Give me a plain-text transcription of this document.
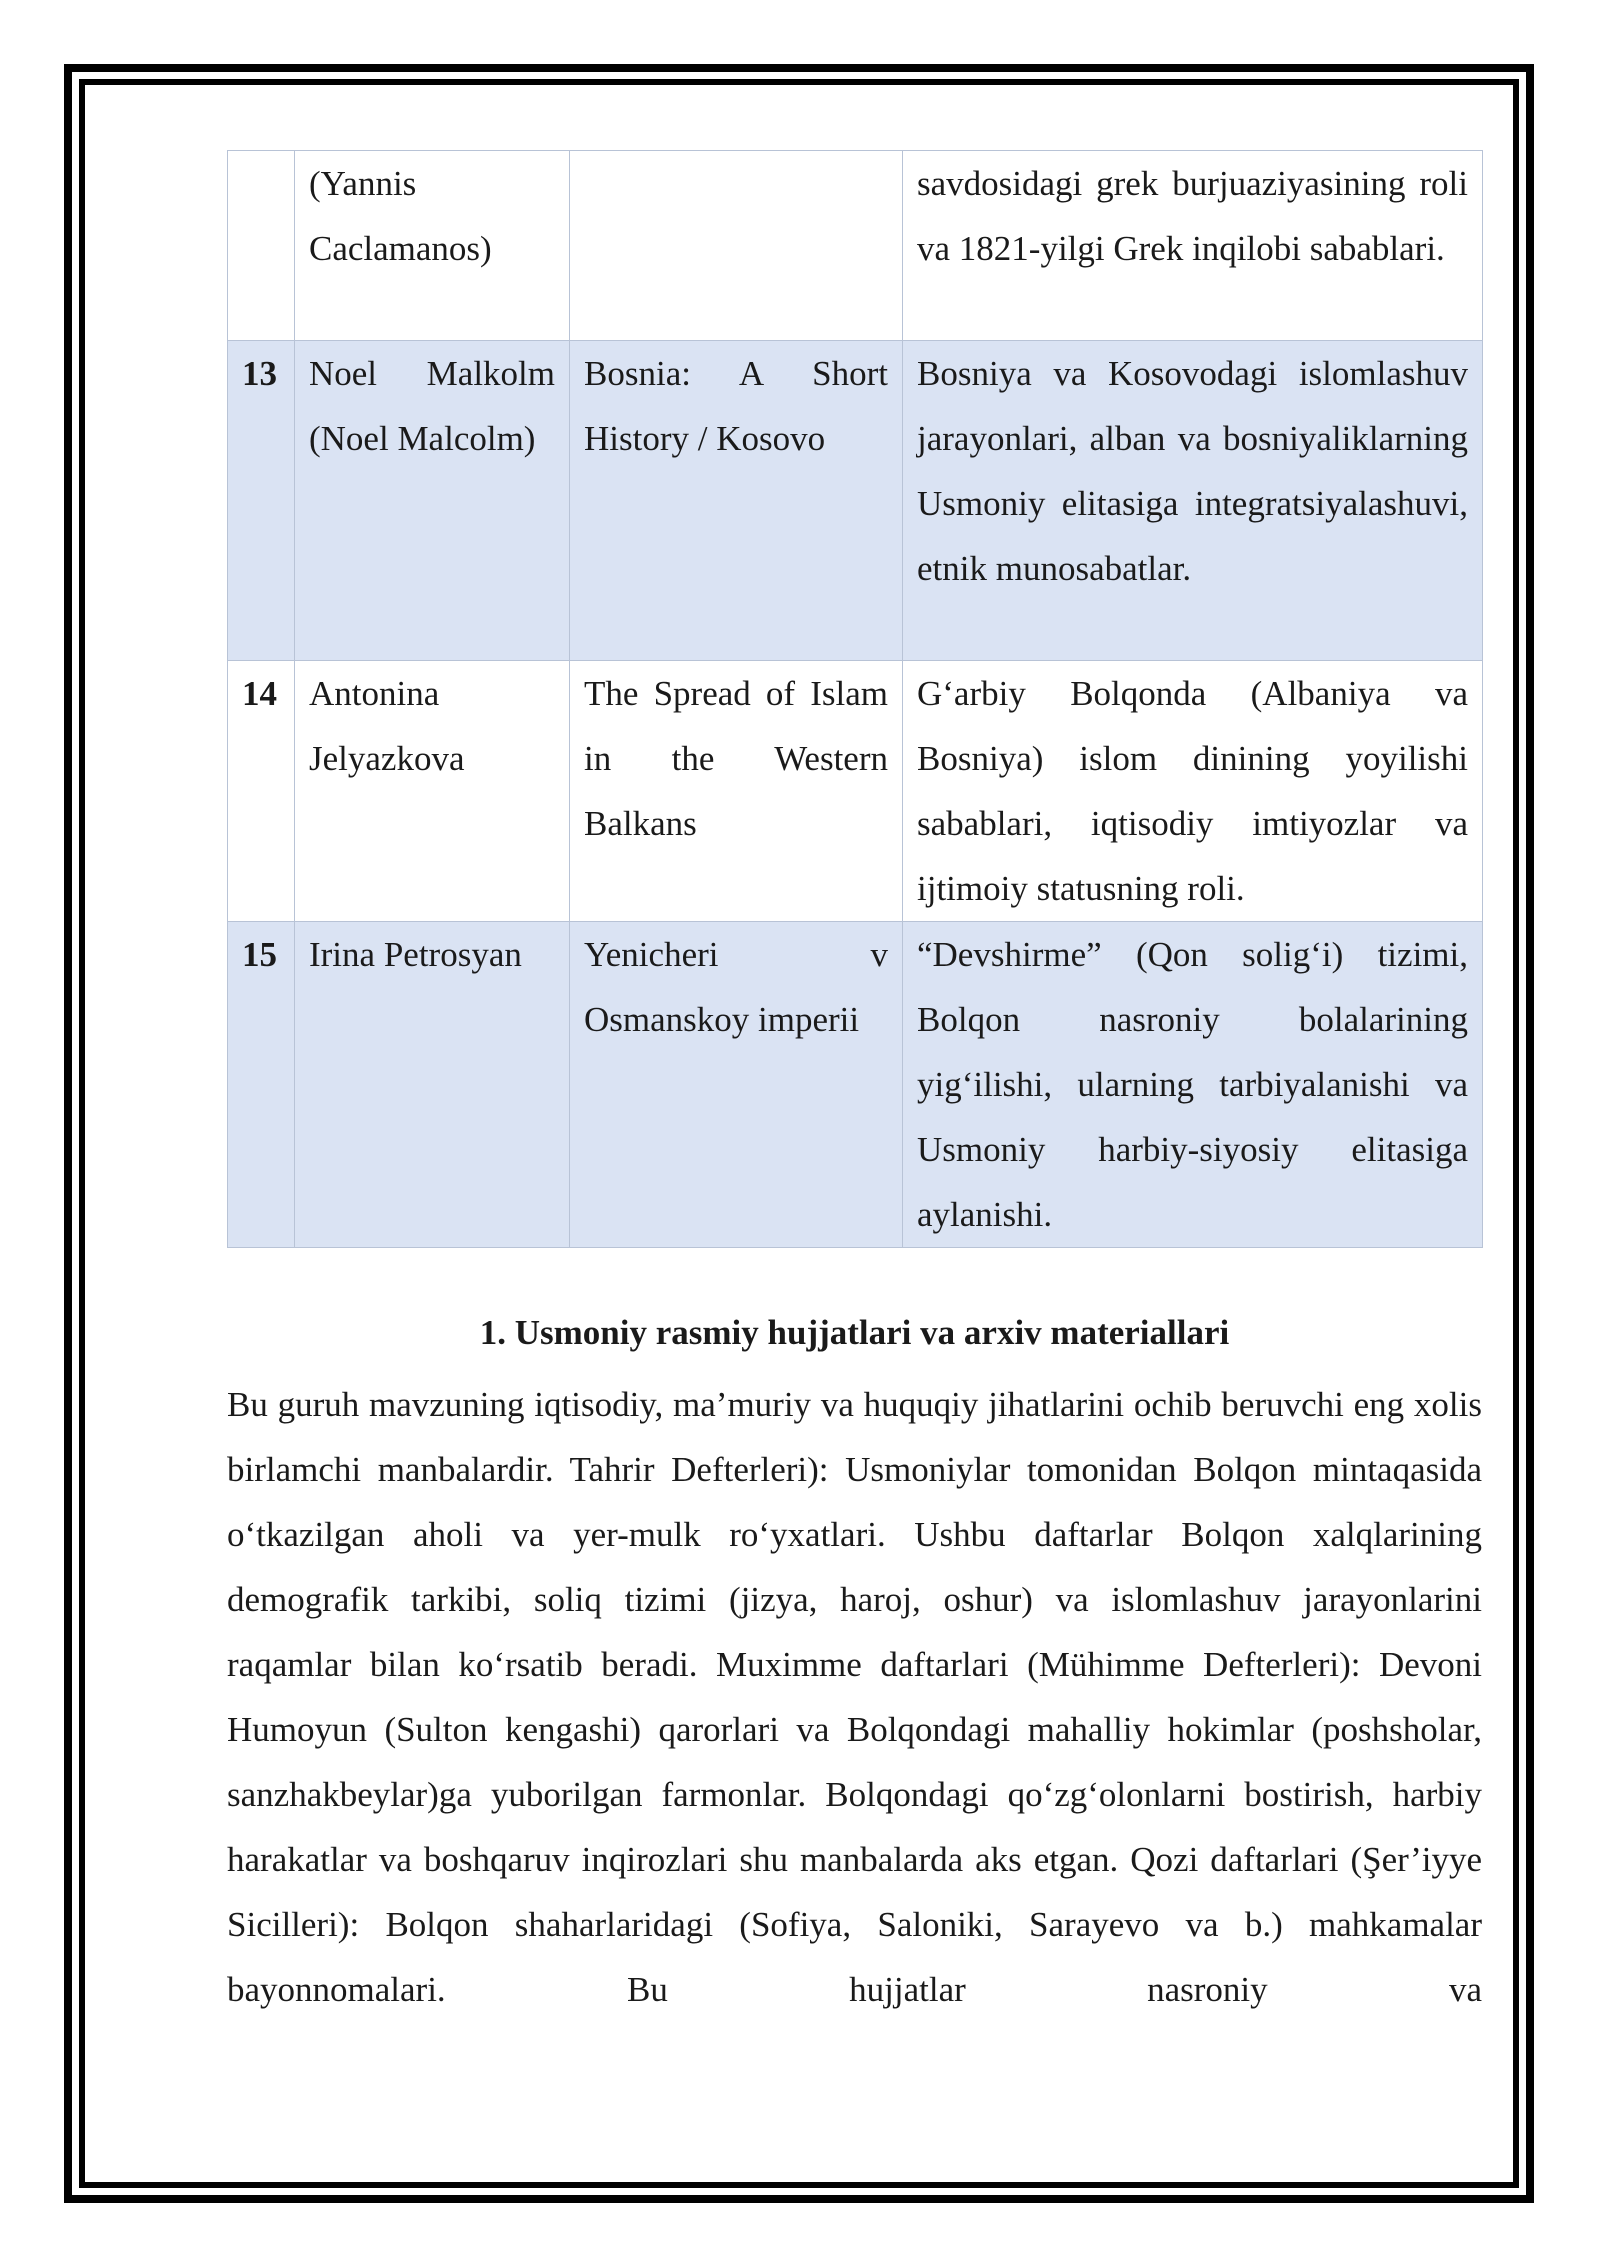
	(Yannis Caclamanos)		savdosidagi grek burjuaziyasining roli va 1821-yilgi Grek inqilobi sabablari.
13	Noel Malkolm (Noel Malcolm)	Bosnia: A Short History / Kosovo	Bosniya va Kosovodagi islomlashuv jarayonlari, alban va bosniyaliklarning Usmoniy elitasiga integratsiyalashuvi, etnik munosabatlar.
14	Antonina Jelyazkova	The Spread of Islam in the Western Balkans	G‘arbiy Bolqonda (Albaniya va Bosniya) islom dinining yoyilishi sabablari, iqtisodiy imtiyozlar va ijtimoiy statusning roli.
15	Irina Petrosyan	Yenicheri v Osmanskoy imperii	“Devshirme” (Qon solig‘i) tizimi, Bolqon nasroniy bolalarining yig‘ilishi, ularning tarbiyalanishi va Usmoniy harbiy-siyosiy elitasiga aylanishi.
1. Usmoniy rasmiy hujjatlari va arxiv materiallari
Bu guruh mavzuning iqtisodiy, ma’muriy va huquqiy jihatlarini ochib beruvchi eng xolis birlamchi manbalardir. Tahrir Defterleri): Usmoniylar tomonidan Bolqon mintaqasida o‘tkazilgan aholi va yer-mulk ro‘yxatlari. Ushbu daftarlar Bolqon xalqlarining demografik tarkibi, soliq tizimi (jizya, haroj, oshur) va islomlashuv jarayonlarini raqamlar bilan ko‘rsatib beradi. Muximme daftarlari (Mühimme Defterleri): Devoni Humoyun (Sulton kengashi) qarorlari va Bolqondagi mahalliy hokimlar (poshsholar, sanzhakbeylar)ga yuborilgan farmonlar. Bolqondagi qo‘zg‘olonlarni bostirish, harbiy harakatlar va boshqaruv inqirozlari shu manbalarda aks etgan. Qozi daftarlari (Şer’iyye Sicilleri): Bolqon shaharlaridagi (Sofiya, Saloniki, Sarayevo va b.) mahkamalar bayonnomalari. Bu hujjatlar nasroniy va
